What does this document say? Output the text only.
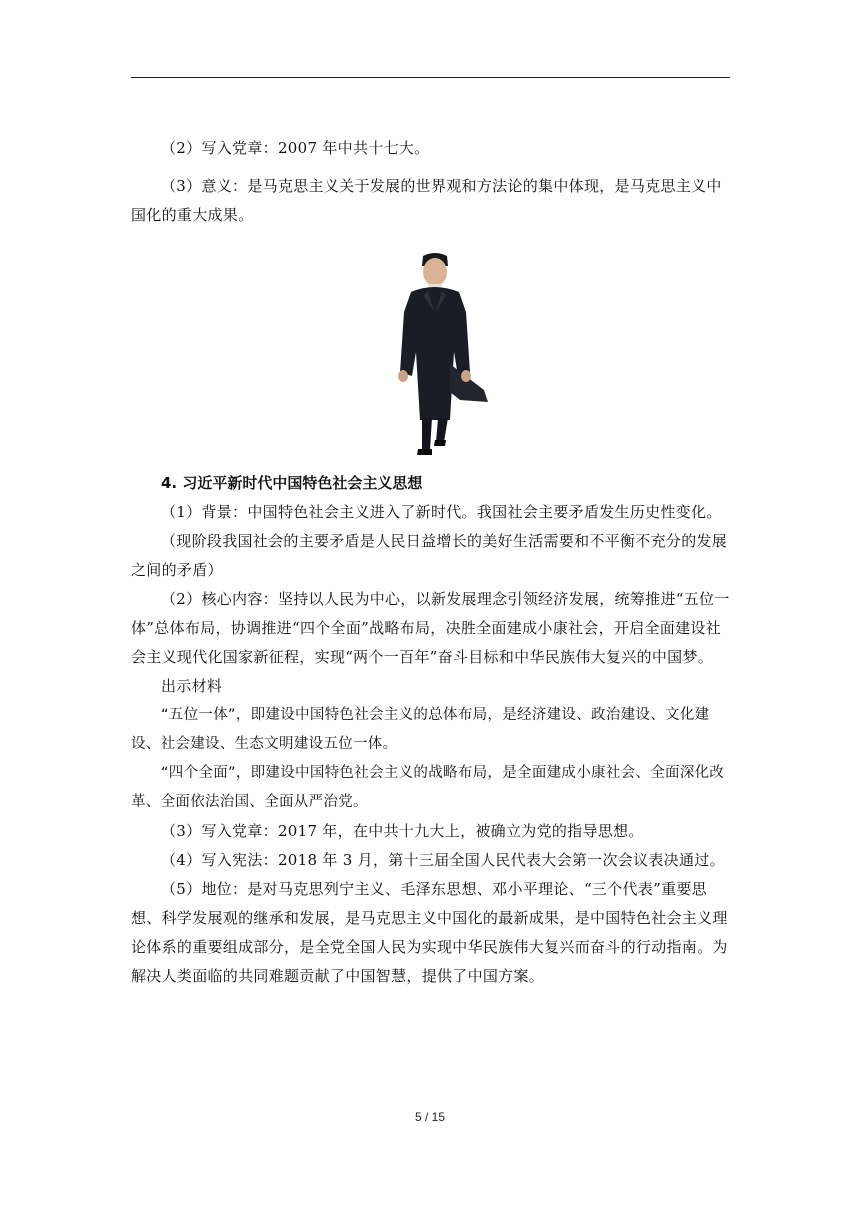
（2）写入党章：2007 年中共十七大。

（3）意义：是马克思主义关于发展的世界观和方法论的集中体现，是马克思主义中国化的重大成果。

4. 习近平新时代中国特色社会主义思想

（1）背景：中国特色社会主义进入了新时代。我国社会主要矛盾发生历史性变化。

（现阶段我国社会的主要矛盾是人民日益增长的美好生活需要和不平衡不充分的发展之间的矛盾）

（2）核心内容：坚持以人民为中心，以新发展理念引领经济发展，统筹推进“五位一体”总体布局，协调推进“四个全面”战略布局，决胜全面建成小康社会，开启全面建设社会主义现代化国家新征程，实现“两个一百年”奋斗目标和中华民族伟大复兴的中国梦。

出示材料

“五位一体”，即建设中国特色社会主义的总体布局，是经济建设、政治建设、文化建设、社会建设、生态文明建设五位一体。

“四个全面”，即建设中国特色社会主义的战略布局，是全面建成小康社会、全面深化改革、全面依法治国、全面从严治党。

（3）写入党章：2017 年，在中共十九大上，被确立为党的指导思想。

（4）写入宪法：2018 年 3 月，第十三届全国人民代表大会第一次会议表决通过。

（5）地位：是对马克思列宁主义、毛泽东思想、邓小平理论、“三个代表”重要思想、科学发展观的继承和发展，是马克思主义中国化的最新成果，是中国特色社会主义理论体系的重要组成部分，是全党全国人民为实现中华民族伟大复兴而奋斗的行动指南。为解决人类面临的共同难题贡献了中国智慧，提供了中国方案。

5 / 15
